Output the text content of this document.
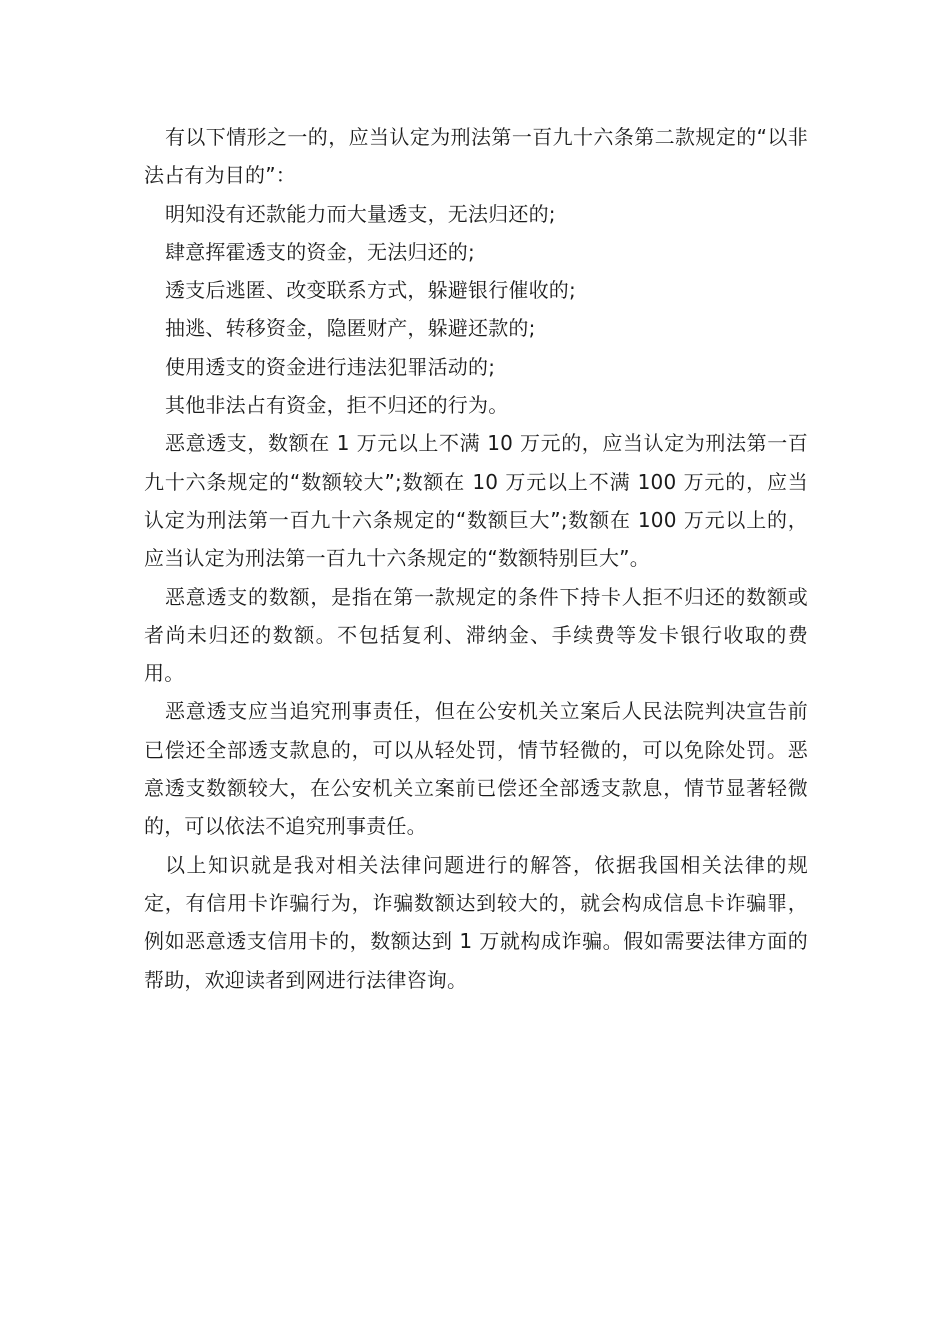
有以下情形之一的，应当认定为刑法第一百九十六条第二款规定的“以非法占有为目的”：

明知没有还款能力而大量透支，无法归还的;

肆意挥霍透支的资金，无法归还的;

透支后逃匿、改变联系方式，躲避银行催收的;

抽逃、转移资金，隐匿财产，躲避还款的;

使用透支的资金进行违法犯罪活动的;

其他非法占有资金，拒不归还的行为。

恶意透支，数额在 1 万元以上不满 10 万元的，应当认定为刑法第一百九十六条规定的“数额较大”;数额在 10 万元以上不满 100 万元的，应当认定为刑法第一百九十六条规定的“数额巨大”;数额在 100 万元以上的，应当认定为刑法第一百九十六条规定的“数额特别巨大”。

恶意透支的数额，是指在第一款规定的条件下持卡人拒不归还的数额或者尚未归还的数额。不包括复利、滞纳金、手续费等发卡银行收取的费用。

恶意透支应当追究刑事责任，但在公安机关立案后人民法院判决宣告前已偿还全部透支款息的，可以从轻处罚，情节轻微的，可以免除处罚。恶意透支数额较大，在公安机关立案前已偿还全部透支款息，情节显著轻微的，可以依法不追究刑事责任。

以上知识就是我对相关法律问题进行的解答，依据我国相关法律的规定，有信用卡诈骗行为，诈骗数额达到较大的，就会构成信息卡诈骗罪，例如恶意透支信用卡的，数额达到 1 万就构成诈骗。假如需要法律方面的帮助，欢迎读者到网进行法律咨询。
